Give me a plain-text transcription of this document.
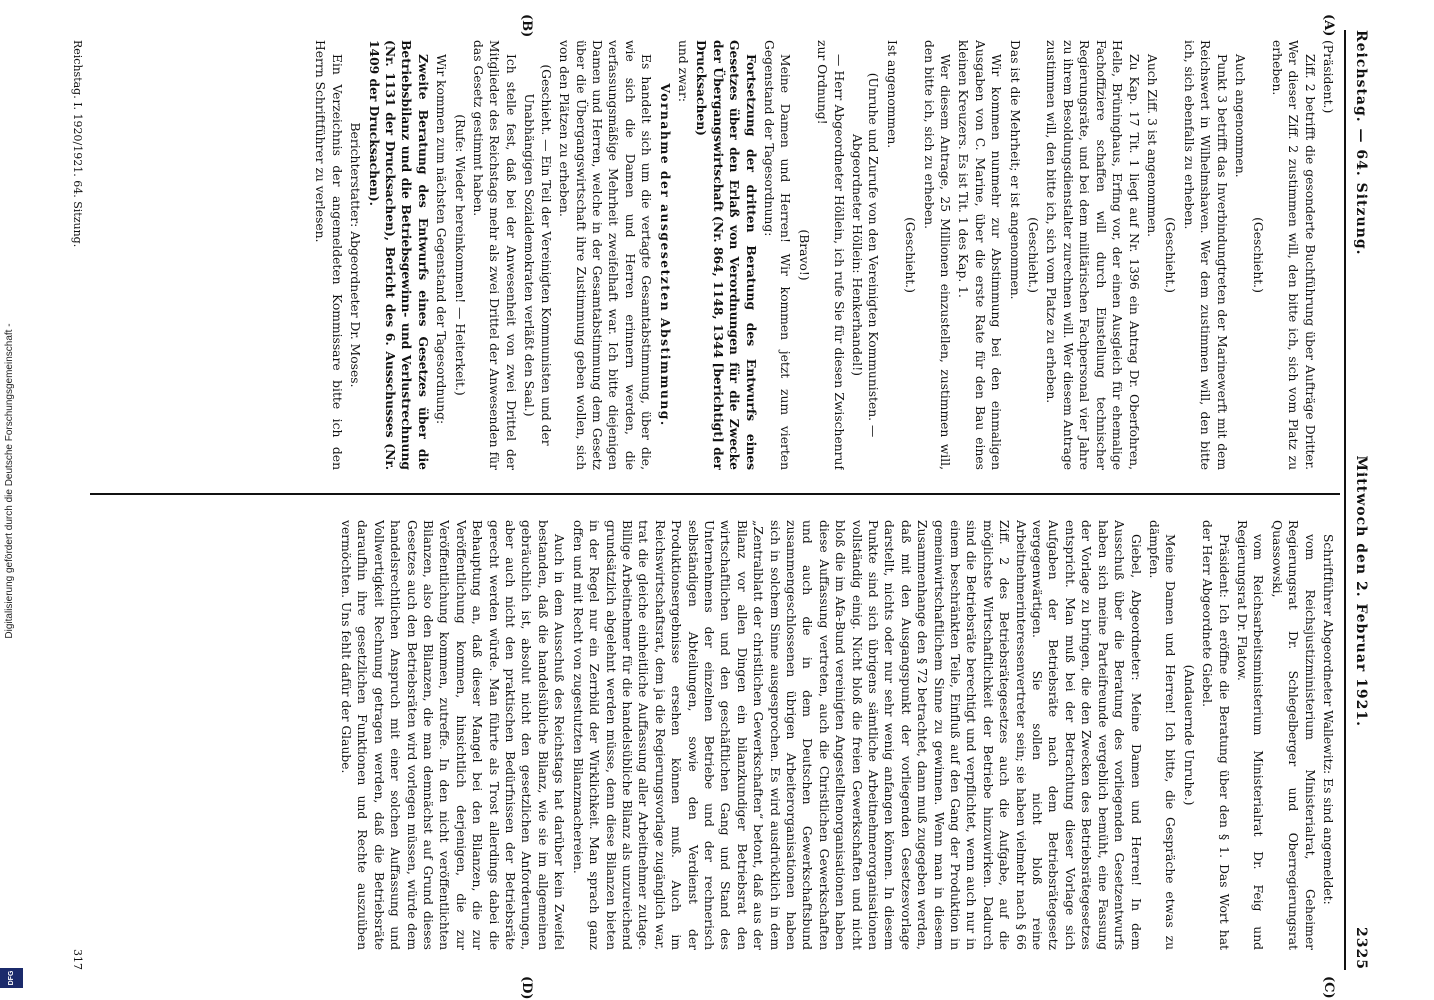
Digitalisierung gefördert durch die Deutsche Forschungsgemeinschaft -
DFG
Reichstag. — 64. Sitzung.
Mittwoch den 2. Februar 1921.
2325
(A)
(B)
(C)
(D)

(Präsident.)

Ziff. 2 betrifft die gesonderte Buchführung über Aufträge Dritter. Wer dieser Ziff. 2 zustimmen will, den bitte ich, sich vom Platz zu erheben.

(Geschieht.)

Auch angenommen.

Punkt 3 betrifft das Inverbindungtreten der Marinewerft mit dem Reichswert in Wilhelmshaven. Wer dem zustimmen will, den bitte ich, sich ebenfalls zu erheben.

(Geschieht.)

Auch Ziff. 3 ist angenommen.

Zu Kap. 17 Tit. 1 liegt auf Nr. 1396 ein Antrag Dr. Oberfohren, Helle, Brüninghaus, Erfing vor, der einen Ausgleich für ehemalige Fachoffiziere schaffen will durch Einstellung technischer Regierungsräte, und bei dem militärischen Fachpersonal vier Jahre zu ihrem Besoldungsdienstalter zurechnen will. Wer diesem Antrage zustimmen will, den bitte ich, sich vom Platze zu erheben.

(Geschieht.)

Das ist die Mehrheit; er ist angenommen.

Wir kommen nunmehr zur Abstimmung bei den einmaligen Ausgaben von C. Marine, über die erste Rate für den Bau eines kleinen Kreuzers. Es ist Tit. 1 des Kap. 1.

Wer diesem Antrage, 25 Millionen einzustellen, zustimmen will, den bitte ich, sich zu erheben.

(Geschieht.)

Ist angenommen.

(Unruhe und Zurufe von den Vereinigten Kommunisten. — Abgeordneter Höllein: Henkerhandel!)

— Herr Abgeordneter Höllein, ich rufe Sie für diesen Zwischenruf zur Ordnung!

(Bravo!)

Meine Damen und Herren! Wir kommen jetzt zum vierten Gegenstand der Tagesordnung:

Fortsetzung der dritten Beratung des Entwurfs eines Gesetzes über den Erlaß von Verordnungen für die Zwecke der Übergangswirtschaft (Nr. 864, 1148, 1344 [berichtigt] der Drucksachen)

und zwar:

Vornahme der ausgesetzten Abstimmung.

Es handelt sich um die vertagte Gesamtabstimmung, über die, wie sich die Damen und Herren erinnern werden, die verfassungsmäßige Mehrheit zweifelhaft war. Ich bitte diejenigen Damen und Herren, welche in der Gesamtabstimmung dem Gesetz über die Übergangswirtschaft ihre Zustimmung geben wollen, sich von den Plätzen zu erheben.

(Geschieht. — Ein Teil der Vereinigten Kommunisten und der Unabhängigen Sozialdemokraten verläßt den Saal.)

Ich stelle fest, daß bei der Anwesenheit von zwei Drittel der Mitglieder des Reichstags mehr als zwei Drittel der Anwesenden für das Gesetz gestimmt haben.

(Rufe: Wieder hereinkommen! — Heiterkeit.)

Wir kommen zum nächsten Gegenstand der Tagesordnung:

Zweite Beratung des Entwurfs eines Gesetzes über die Betriebsbilanz und die Betriebsgewinn- und Verlustrechnung (Nr. 1131 der Drucksachen), Bericht des 6. Ausschusses (Nr. 1409 der Drucksachen).

Berichterstatter: Abgeordneter Dr. Moses.

Ein Verzeichnis der angemeldeten Kommissare bitte ich den Herrn Schriftführer zu verlesen.

Schriftführer Abgeordneter Wallewitz: Es sind angemeldet:

vom Reichsjustizministerium Ministerialrat, Geheimer Regierungsrat Dr. Schlegelberger und Oberregierungsrat Quassowski,

vom Reichsarbeitsministerium Ministerialrat Dr. Feig und Regierungsrat Dr. Flatow.

Präsident: Ich eröffne die Beratung über den § 1. Das Wort hat der Herr Abgeordnete Giebel.

(Andauernde Unruhe.)

Meine Damen und Herren! Ich bitte, die Gespräche etwas zu dämpfen.

Giebel, Abgeordneter: Meine Damen und Herren! In dem Ausschuß über die Beratung des vorliegenden Gesetzentwurfs haben sich meine Parteifreunde vergeblich bemüht, eine Fassung der Vorlage zu bringen, die den Zwecken des Betriebsrätegesetzes entspricht. Man muß bei der Betrachtung dieser Vorlage sich Aufgaben der Betriebsräte nach dem Betriebsrätegesetz vergegenwärtigen. Sie sollen nicht bloß reine Arbeitnehmerinteressenvertreter sein; sie haben vielmehr nach § 66 Ziff. 2 des Betriebsrätegesetzes auch die Aufgabe, auf die möglichste Wirtschaftlichkeit der Betriebe hinzuwirken. Dadurch sind die Betriebsräte berechtigt und verpflichtet, wenn auch nur in einem beschränkten Teile, Einfluß auf den Gang der Produktion in gemeinwirtschaftlichem Sinne zu gewinnen. Wenn man in diesem Zusammenhange den § 72 betrachtet, dann muß zugegeben werden, daß mit den Ausgangspunkt der vorliegenden Gesetzesvorlage darstellt, nichts oder nur sehr wenig anfangen können. In diesem Punkte sind sich übrigens sämtliche Arbeitnehmerorganisationen vollständig einig. Nicht bloß die freien Gewerkschaften und nicht bloß die im Afa-Bund vereinigten Angestelltenorganisationen haben diese Auffassung vertreten, auch die Christlichen Gewerkschaften und auch die in dem Deutschen Gewerkschaftsbund zusammengeschlossenen übrigen Arbeiterorganisationen haben sich in solchem Sinne ausgesprochen. Es wird ausdrücklich in dem „Zentralblatt der christlichen Gewerkschaften“ betont, daß aus der Bilanz vor allen Dingen ein bilanzkundiger Betriebsrat den wirtschaftlichen und den geschäftlichen Gang und Stand des Unternehmens der einzelnen Betriebe und der rechnerisch selbständigen Abteilungen, sowie den Verdienst der Produktionsergebnisse ersehen können muß. Auch im Reichswirtschaftsrat, dem ja die Regierungsvorlage zugänglich war, trat die gleiche einheitliche Auffassung aller Arbeitnehmer zutage. Billige Arbeitnehmer für die handelsübliche Bilanz als unzureichend grundsätzlich abgelehnt werden müsse, denn diese Bilanzen bieten in der Regel nur ein Zerrbild der Wirklichkeit. Man sprach ganz offen und mit Recht von zugestutzten Bilanzmachereien.

Auch in dem Ausschuß des Reichstags hat darüber kein Zweifel bestanden, daß die handelsübliche Bilanz, wie sie im allgemeinen gebräuchlich ist, absolut nicht den gesetzlichen Anforderungen, aber auch nicht den praktischen Bedürfnissen der Betriebsräte gerecht werden würde. Man führte als Trost allerdings dabei die Behauptung an, daß dieser Mangel bei den Bilanzen, die zur Veröffentlichung kommen, hinsichtlich derjenigen, die zur Veröffentlichung kommen, zutreffe. In den nicht veröffentlichten Bilanzen, also den Bilanzen, die man demnächst auf Grund dieses Gesetzes auch den Betriebsräten wird vorlegen müssen, würde dem handelsrechtlichen Anspruch mit einer solchen Auffassung und Vollwertigkeit Rechnung getragen werden, daß die Betriebsräte daraufhin ihre gesetzlichen Funktionen und Rechte auszuüben vermöchten. Uns fehlt dafür der Glaube.

Reichstag. I. 1920/1921. 64. Sitzung.
317
